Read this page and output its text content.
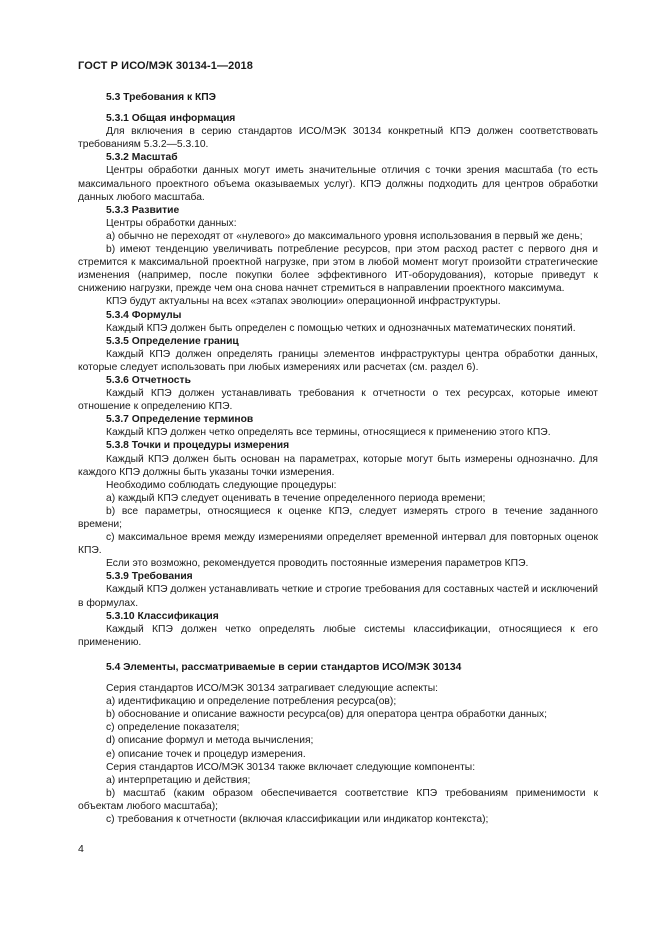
ГОСТ Р ИСО/МЭК 30134-1—2018

5.3 Требования к КПЭ

5.3.1 Общая информация

Для включения в серию стандартов ИСО/МЭК 30134 конкретный КПЭ должен соответствовать требованиям 5.3.2—5.3.10.

5.3.2 Масштаб

Центры обработки данных могут иметь значительные отличия с точки зрения масштаба (то есть максимального проектного объема оказываемых услуг). КПЭ должны подходить для центров обработки данных любого масштаба.

5.3.3 Развитие

Центры обработки данных:

a) обычно не переходят от «нулевого» до максимального уровня использования в первый же день;

b) имеют тенденцию увеличивать потребление ресурсов, при этом расход растет с первого дня и стремится к максимальной проектной нагрузке, при этом в любой момент могут произойти стратегические изменения (например, после покупки более эффективного ИТ-оборудования), которые приведут к снижению нагрузки, прежде чем она снова начнет стремиться в направлении проектного максимума.

КПЭ будут актуальны на всех «этапах эволюции» операционной инфраструктуры.

5.3.4 Формулы

Каждый КПЭ должен быть определен с помощью четких и однозначных математических понятий.

5.3.5 Определение границ

Каждый КПЭ должен определять границы элементов инфраструктуры центра обработки данных, которые следует использовать при любых измерениях или расчетах (см. раздел 6).

5.3.6 Отчетность

Каждый КПЭ должен устанавливать требования к отчетности о тех ресурсах, которые имеют отношение к определению КПЭ.

5.3.7 Определение терминов

Каждый КПЭ должен четко определять все термины, относящиеся к применению этого КПЭ.

5.3.8 Точки и процедуры измерения

Каждый КПЭ должен быть основан на параметрах, которые могут быть измерены однозначно. Для каждого КПЭ должны быть указаны точки измерения.

Необходимо соблюдать следующие процедуры:

a) каждый КПЭ следует оценивать в течение определенного периода времени;

b) все параметры, относящиеся к оценке КПЭ, следует измерять строго в течение заданного времени;

c) максимальное время между измерениями определяет временной интервал для повторных оценок КПЭ.

Если это возможно, рекомендуется проводить постоянные измерения параметров КПЭ.

5.3.9 Требования

Каждый КПЭ должен устанавливать четкие и строгие требования для составных частей и исключений в формулах.

5.3.10 Классификация

Каждый КПЭ должен четко определять любые системы классификации, относящиеся к его применению.

5.4 Элементы, рассматриваемые в серии стандартов ИСО/МЭК 30134

Серия стандартов ИСО/МЭК 30134 затрагивает следующие аспекты:

a) идентификацию и определение потребления ресурса(ов);

b) обоснование и описание важности ресурса(ов) для оператора центра обработки данных;

c) определение показателя;

d) описание формул и метода вычисления;

e) описание точек и процедур измерения.

Серия стандартов ИСО/МЭК 30134 также включает следующие компоненты:

a) интерпретацию и действия;

b) масштаб (каким образом обеспечивается соответствие КПЭ требованиям применимости к объектам любого масштаба);

c) требования к отчетности (включая классификации или индикатор контекста);

4
